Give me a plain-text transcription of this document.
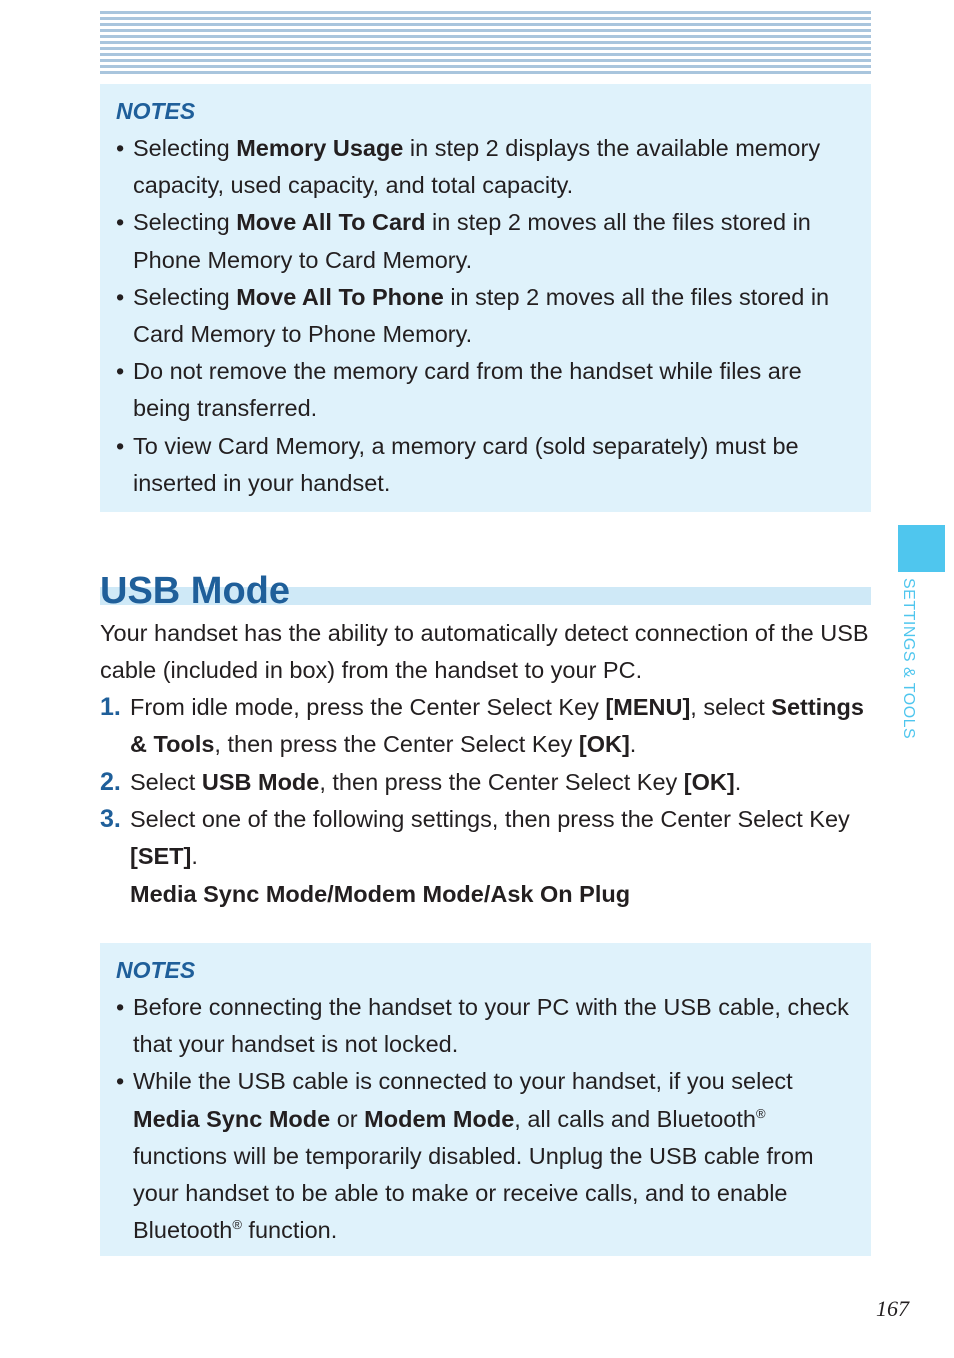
NOTES
• Selecting Memory Usage in step 2 displays the available memory capacity, used capacity, and total capacity.
• Selecting Move All To Card in step 2 moves all the files stored in Phone Memory to Card Memory.
• Selecting Move All To Phone in step 2 moves all the files stored in Card Memory to Phone Memory.
• Do not remove the memory card from the handset while files are being transferred.
• To view Card Memory, a memory card (sold separately) must be inserted in your handset.
USB Mode
Your handset has the ability to automatically detect connection of the USB cable (included in box) from the handset to your PC.
1. From idle mode, press the Center Select Key [MENU], select Settings & Tools, then press the Center Select Key [OK].
2. Select USB Mode, then press the Center Select Key [OK].
3. Select one of the following settings, then press the Center Select Key [SET].
Media Sync Mode/Modem Mode/Ask On Plug
NOTES
• Before connecting the handset to your PC with the USB cable, check that your handset is not locked.
• While the USB cable is connected to your handset, if you select Media Sync Mode or Modem Mode, all calls and Bluetooth® functions will be temporarily disabled. Unplug the USB cable from your handset to be able to make or receive calls, and to enable Bluetooth® function.
SETTINGS & TOOLS
167
